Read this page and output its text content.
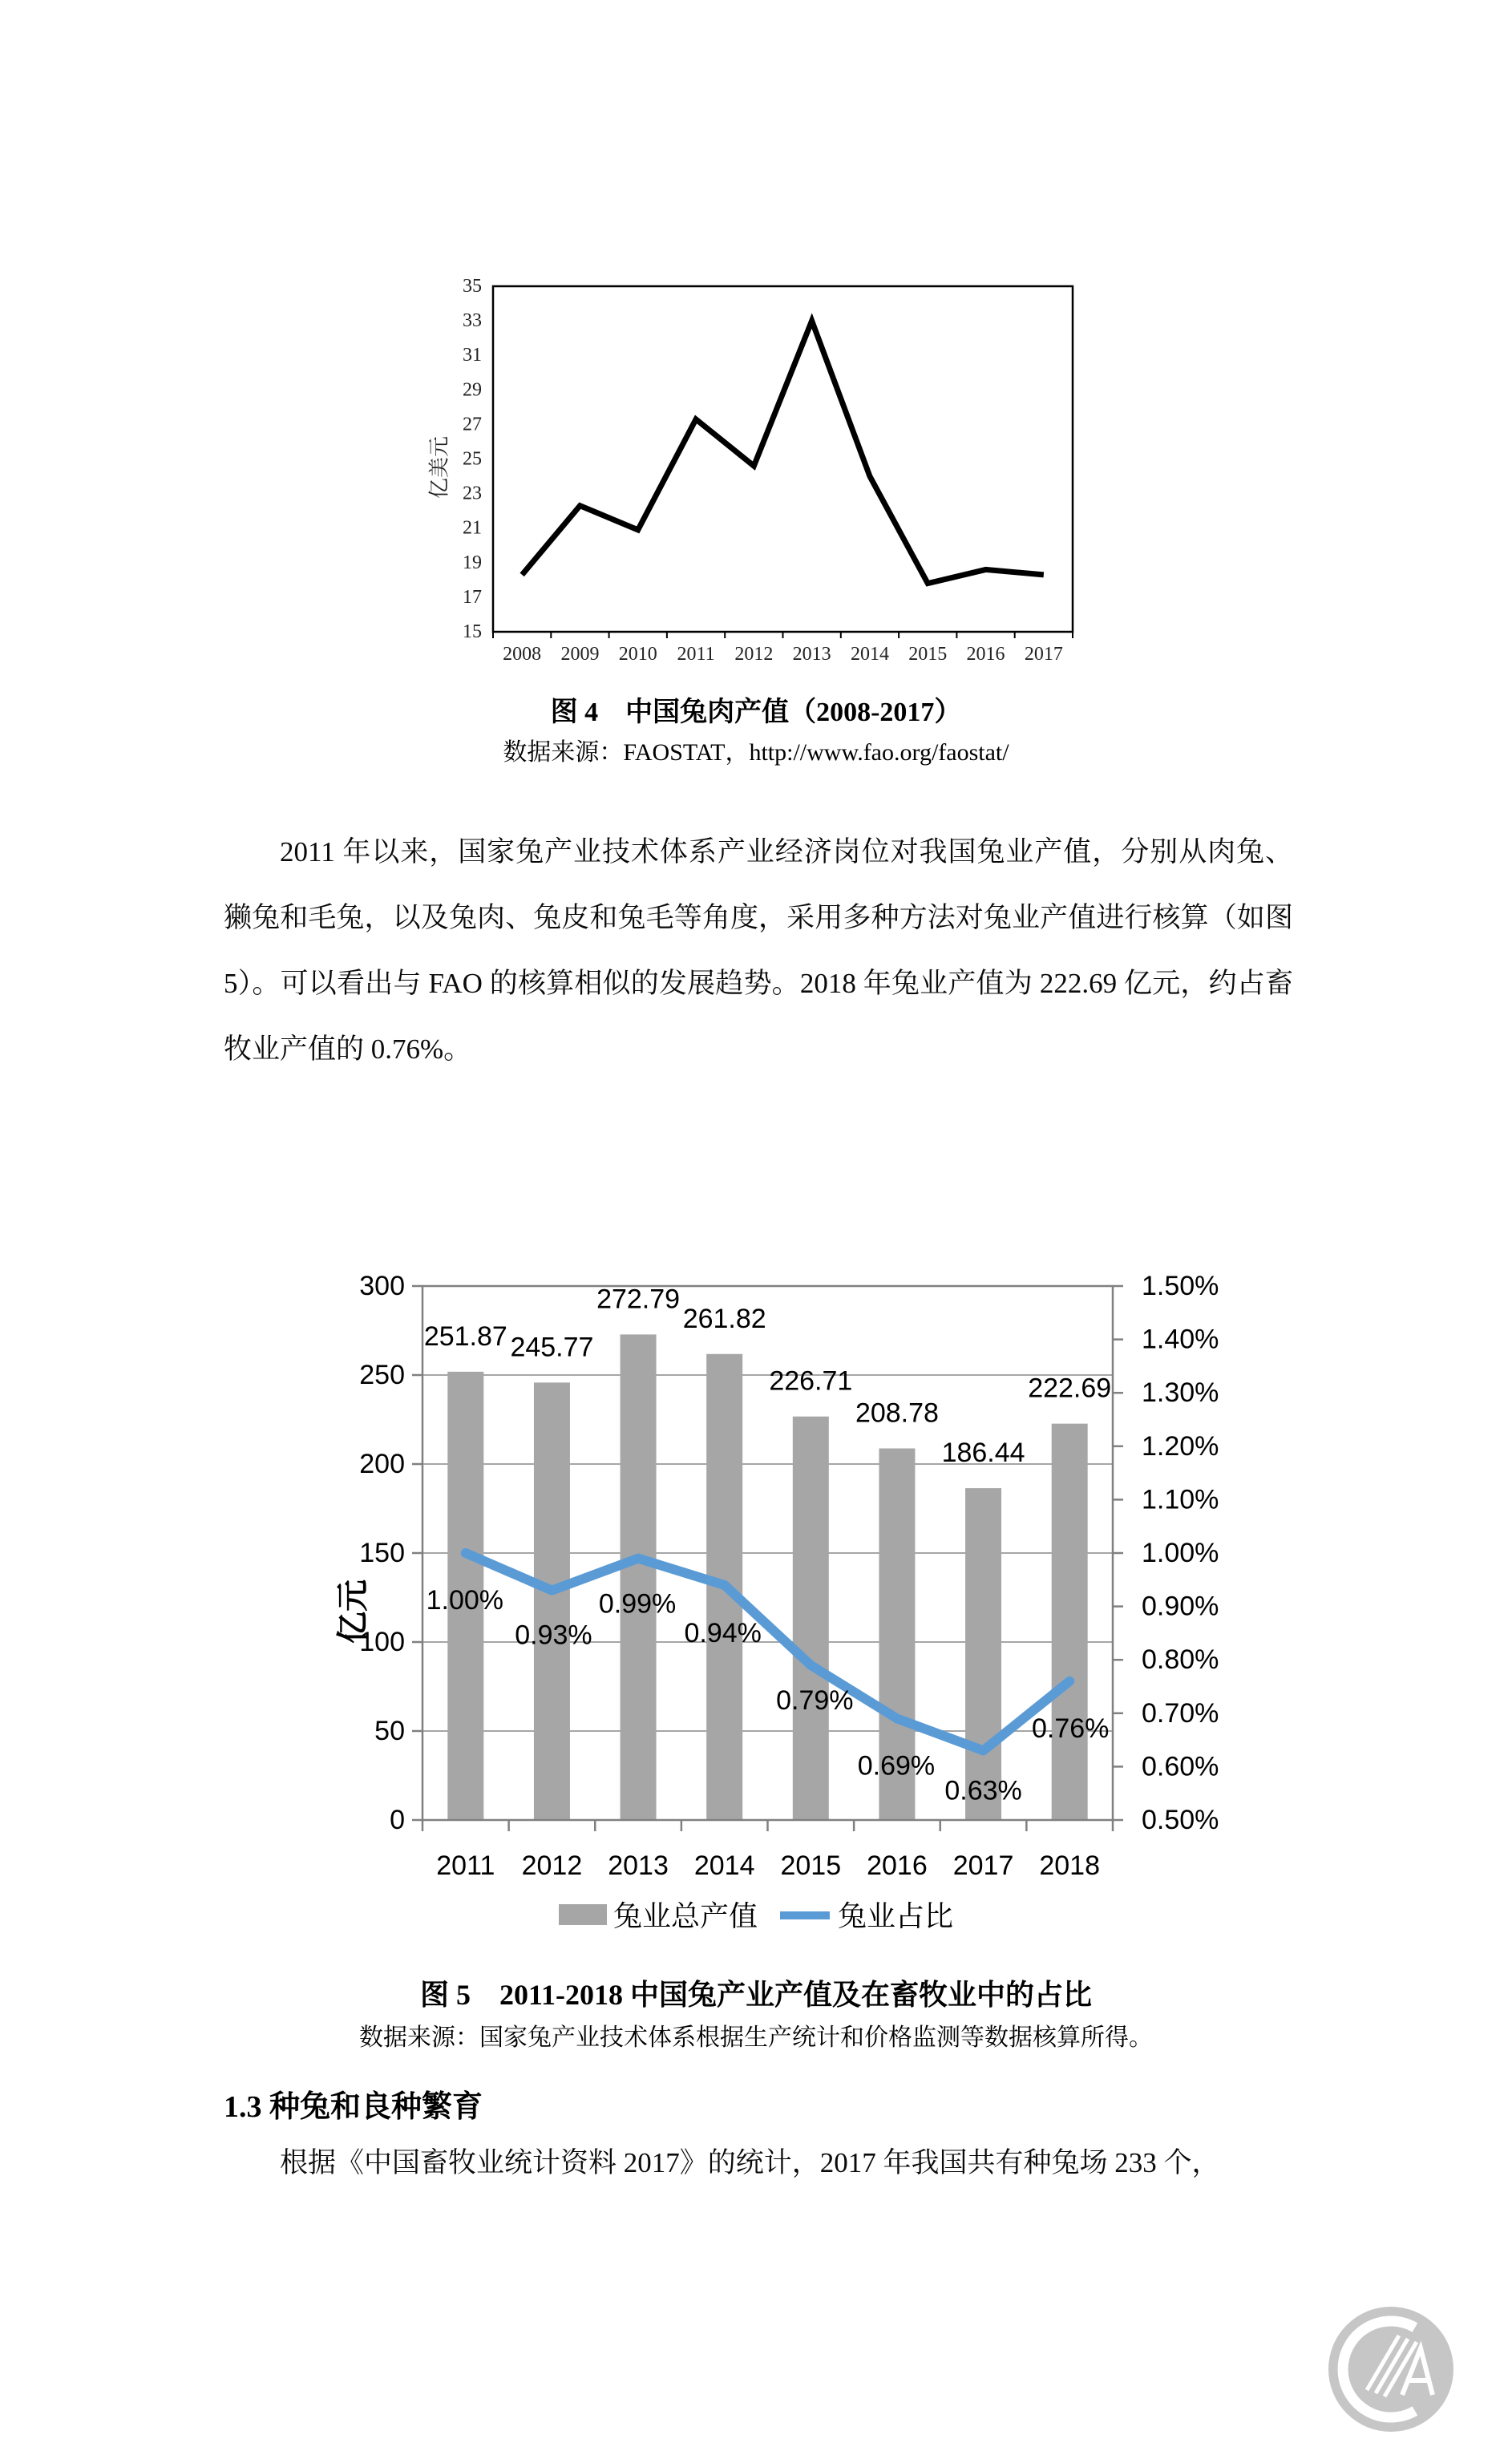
35
33
31
29
27
25
23
21
19
17
15
2008 2009 2010 2011 2012 2013 2014 2015 2016 2017
亿美元
图 4　中国兔肉产值（2008-2017）
数据来源：FAOSTAT，http://www.fao.org/faostat/

2011 年以来，国家兔产业技术体系产业经济岗位对我国兔业产值，分别从肉兔、獭兔和毛兔，以及兔肉、兔皮和兔毛等角度，采用多种方法对兔业产值进行核算（如图 5）。可以看出与 FAO 的核算相似的发展趋势。2018 年兔业产值为 222.69 亿元，约占畜牧业产值的 0.76%。

300
250
200
150
100
50
0
1.50%
1.40%
1.30%
1.20%
1.10%
1.00%
0.90%
0.80%
0.70%
0.60%
0.50%
2011 2012 2013 2014 2015 2016 2017 2018
亿元
251.87 245.77
272.79
261.82
226.71
208.78
186.44
222.69
1.00%
0.93%
0.99%
0.94%
0.79%
0.69%
0.63%
0.76%
兔业总产值	兔业占比
图 5　2011-2018 中国兔产业产值及在畜牧业中的占比
数据来源：国家兔产业技术体系根据生产统计和价格监测等数据核算所得。
1.3 种兔和良种繁育

根据《中国畜牧业统计资料 2017》的统计，2017 年我国共有种兔场 233 个，
